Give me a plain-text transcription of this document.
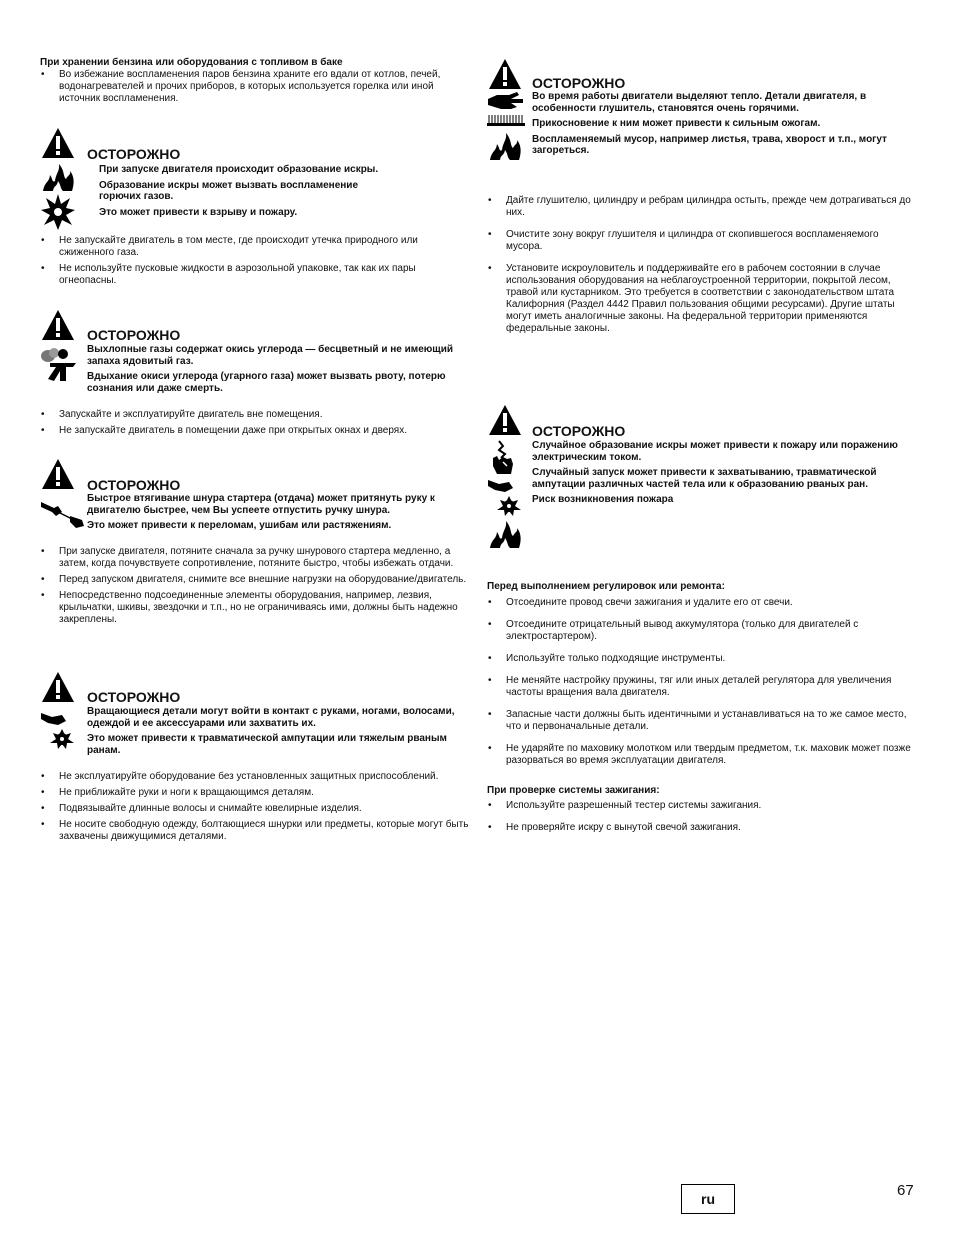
При хранении бензина или оборудования с топливом в баке
• Во избежание воспламенения паров бензина храните его вдали от котлов, печей, водонагревателей и прочих приборов, в которых используется горелка или иной источник воспламенения.
ОСТОРОЖНО

При запуске двигателя происходит образование искры.

Образование искры может вызвать воспламенение горючих газов.

Это может привести к взрыву и пожару.

• Не запускайте двигатель в том месте, где происходит утечка природного или сжиженного газа.
• Не используйте пусковые жидкости в аэрозольной упаковке, так как их пары огнеопасны.
ОСТОРОЖНО

Выхлопные газы содержат окись углерода — бесцветный и не имеющий запаха ядовитый газ.

Вдыхание окиси углерода (угарного газа) может вызвать рвоту, потерю сознания или даже смерть.

• Запускайте и эксплуатируйте двигатель вне помещения.
• Не запускайте двигатель в помещении даже при открытых окнах и дверях.
ОСТОРОЖНО

Быстрое втягивание шнура стартера (отдача) может притянуть руку к двигателю быстрее, чем Вы успеете отпустить ручку шнура.

Это может привести к переломам, ушибам или растяжениям.

• При запуске двигателя, потяните сначала за ручку шнурового стартера медленно, а затем, когда почувствуете сопротивление, потяните быстро, чтобы избежать отдачи.
• Перед запуском двигателя, снимите все внешние нагрузки на оборудование/двигатель.
• Непосредственно подсоединенные элементы оборудования, например, лезвия, крыльчатки, шкивы, звездочки и т.п., но не ограничиваясь ими, должны быть надежно закреплены.
ОСТОРОЖНО

Вращающиеся детали могут войти в контакт с руками, ногами, волосами, одеждой и ее аксессуарами или захватить их.

Это может привести к травматической ампутации или тяжелым рваным ранам.

• Не эксплуатируйте оборудование без установленных защитных приспособлений.
• Не приближайте руки и ноги к вращающимся деталям.
• Подвязывайте длинные волосы и снимайте ювелирные изделия.
• Не носите свободную одежду, болтающиеся шнурки или предметы, которые могут быть захвачены движущимися деталями.
ОСТОРОЖНО

Во время работы двигатели выделяют тепло. Детали двигателя, в особенности глушитель, становятся очень горячими.

Прикосновение к ним может привести к сильным ожогам.

Воспламеняемый мусор, например листья, трава, хворост и т.п., могут загореться.

• Дайте глушителю, цилиндру и ребрам цилиндра остыть, прежде чем дотрагиваться до них.
• Очистите зону вокруг глушителя и цилиндра от скопившегося воспламеняемого мусора.
• Установите искроуловитель и поддерживайте его в рабочем состоянии в случае использования оборудования на неблагоустроенной территории, покрытой лесом, травой или кустарником. Это требуется в соответствии с законодательством штата Калифорния (Раздел 4442 Правил пользования общими ресурсами). Другие штаты могут иметь аналогичные законы. На федеральной территории применяются федеральные законы.
ОСТОРОЖНО

Случайное образование искры может привести к пожару или поражению электрическим током.

Случайный запуск может привести к захватыванию, травматической ампутации различных частей тела или к образованию рваных ран.

Риск возникновения пожара

Перед выполнением регулировок или ремонта:
• Отсоедините провод свечи зажигания и удалите его от свечи.
• Отсоедините отрицательный вывод аккумулятора (только для двигателей с электростартером).
• Используйте только подходящие инструменты.
• Не меняйте настройку пружины, тяг или иных деталей регулятора для увеличения частоты вращения вала двигателя.
• Запасные части должны быть идентичными и устанавливаться на то же самое место, что и первоначальные детали.
• Не ударяйте по маховику молотком или твердым предметом, т.к. маховик может позже разорваться во время эксплуатации двигателя.
При проверке системы зажигания:
• Используйте разрешенный тестер системы зажигания.
• Не проверяйте искру с вынутой свечой зажигания.
ru	67
